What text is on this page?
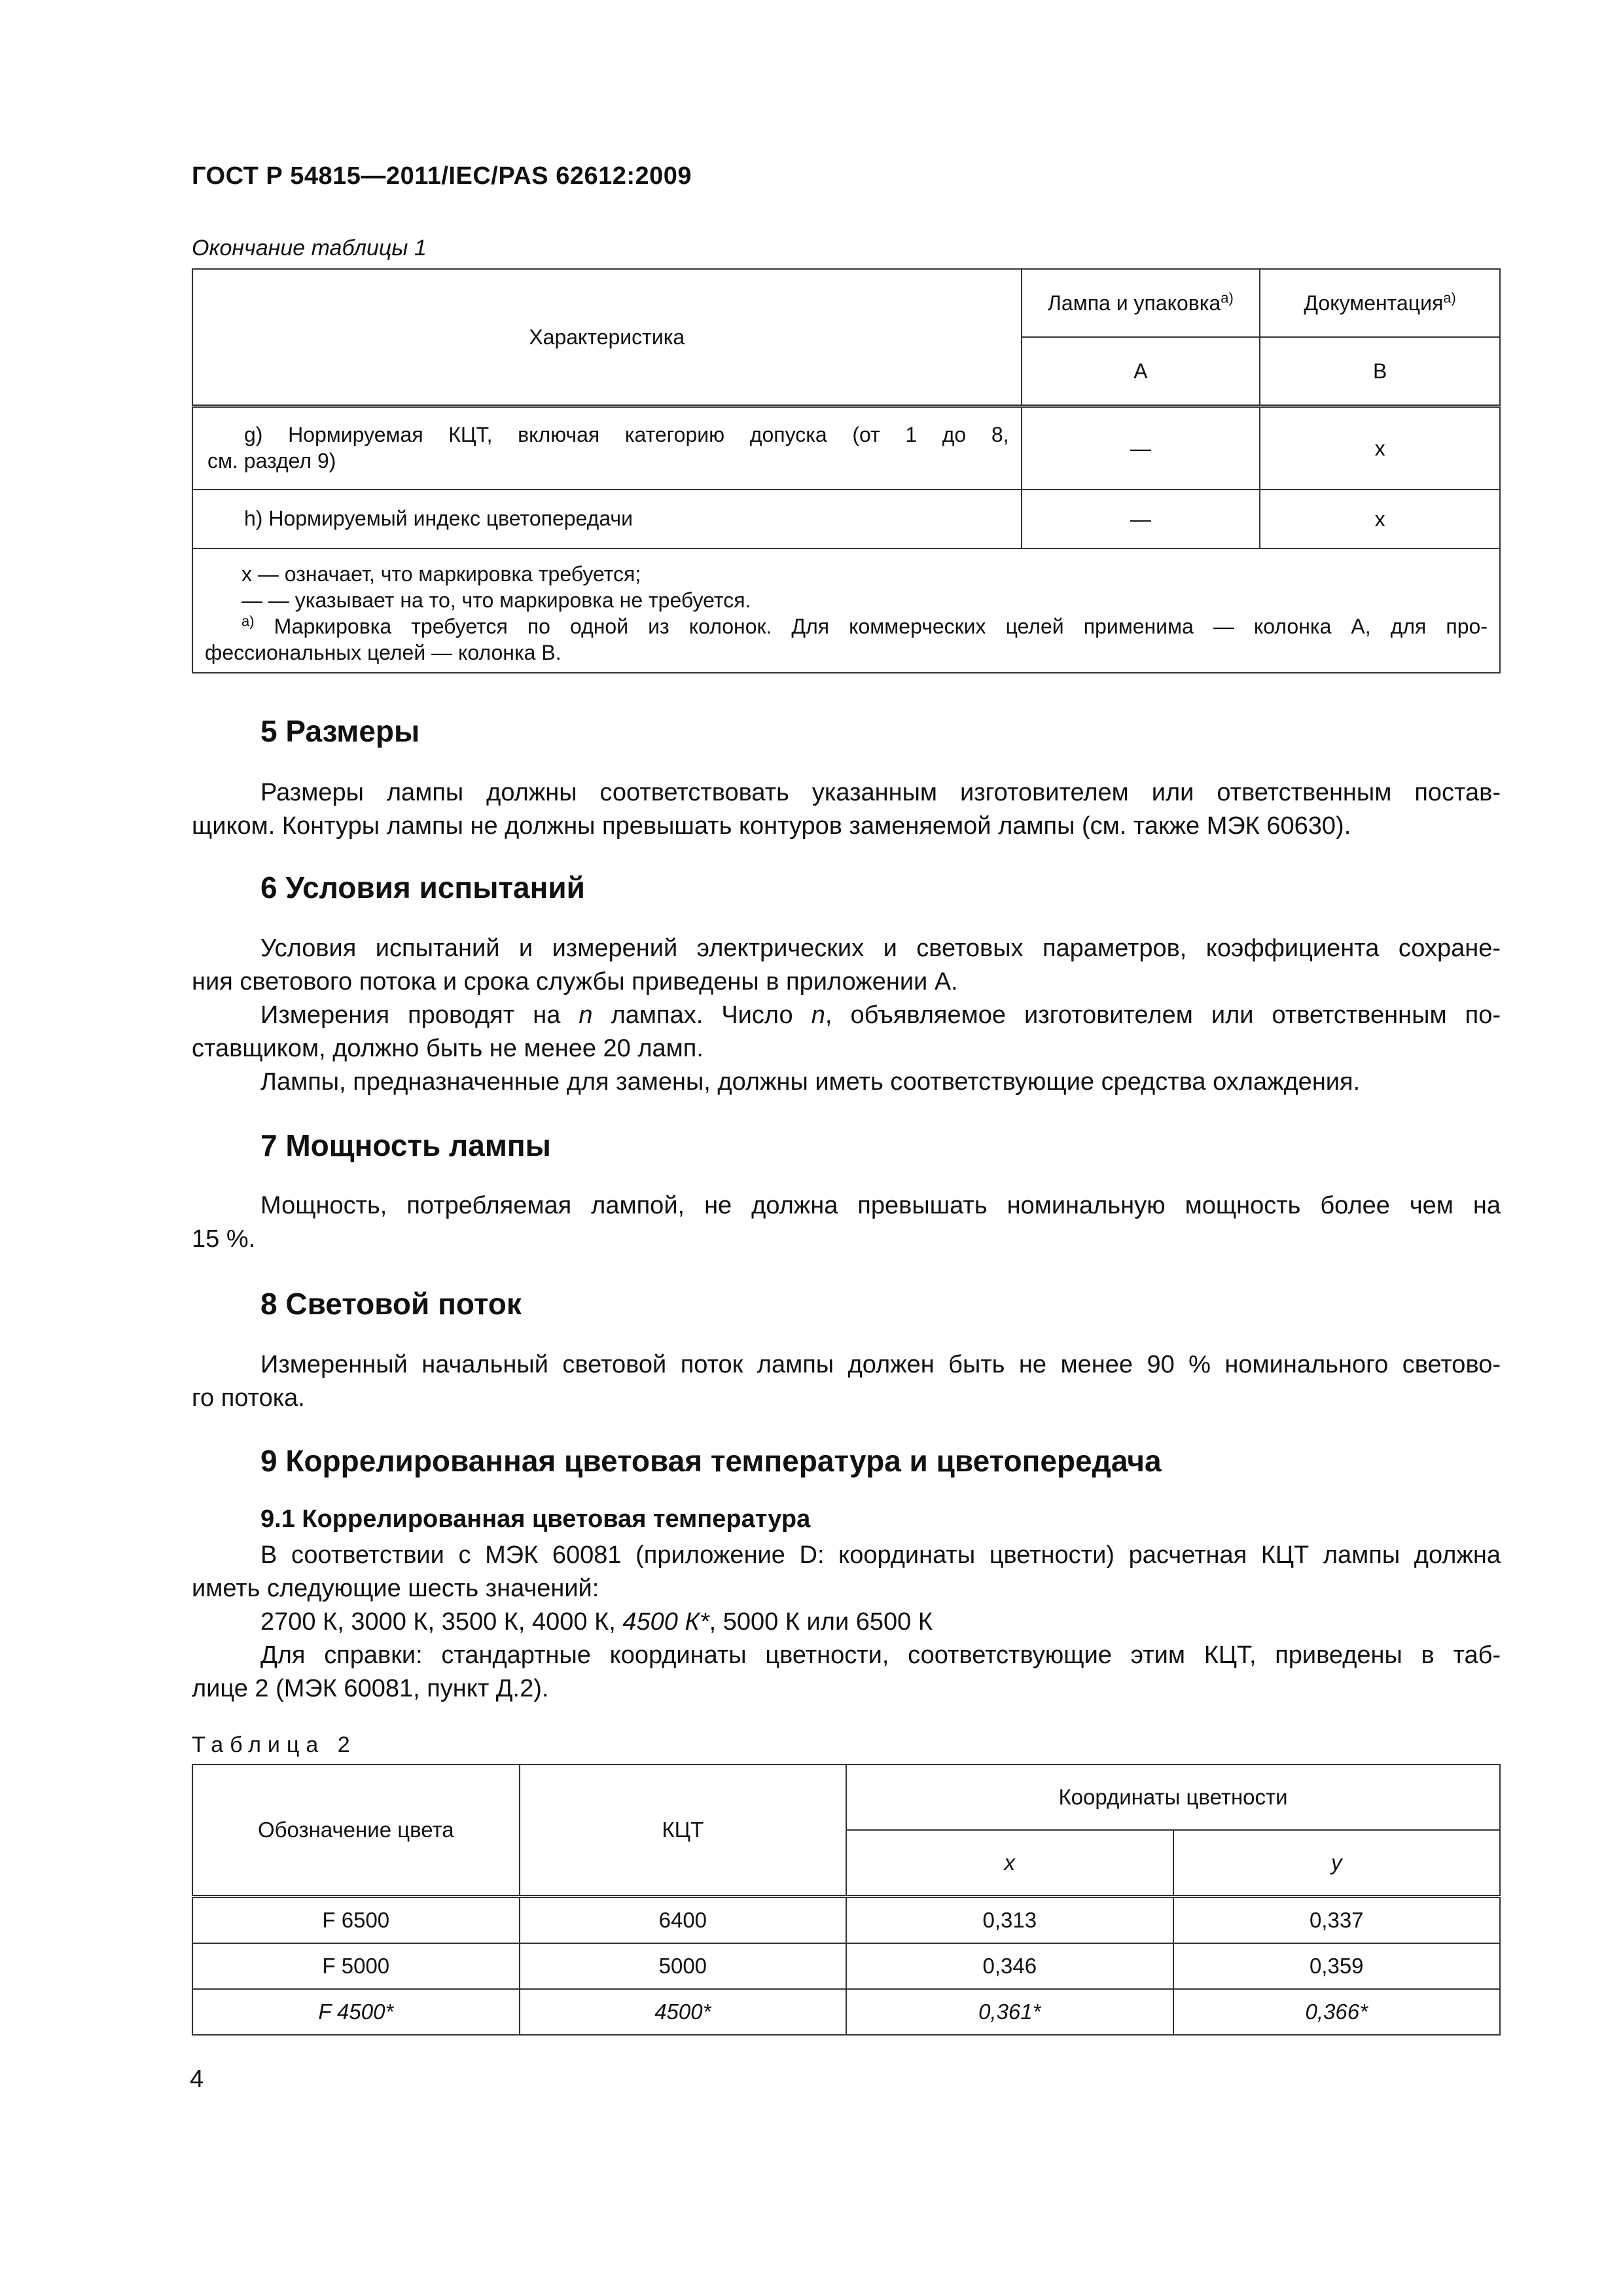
ГОСТ Р 54815—2011/IEC/PAS 62612:2009
Окончание таблицы 1
Характеристика	Лампа и упаковка$^{a)}$	Документация$^{a)}$
	A	B

g) Нормируемая КЦТ, включая категорию допуска (от 1 до 8,
см. раздел 9)	—	x
h) Нормируемый индекс цветопередачи	—	x

x — означает, что маркировка требуется;
— — указывает на то, что маркировка не требуется.
$^{a)}$ Маркировка требуется по одной из колонок. Для коммерческих целей применима — колонка А, для про-
фессиональных целей — колонка В.		
5 Размеры
Размеры лампы должны соответствовать указанным изготовителем или ответственным постав-
щиком. Контуры лампы не должны превышать контуров заменяемой лампы (см. также МЭК 60630).
6 Условия испытаний
Условия испытаний и измерений электрических и световых параметров, коэффициента сохране-
ния светового потока и срока службы приведены в приложении А.
Измерения проводят на n лампах. Число n, объявляемое изготовителем или ответственным по-
ставщиком, должно быть не менее 20 ламп.
Лампы, предназначенные для замены, должны иметь соответствующие средства охлаждения.
7 Мощность лампы
Мощность, потребляемая лампой, не должна превышать номинальную мощность более чем на
15 %.
8 Световой поток
Измеренный начальный световой поток лампы должен быть не менее 90 % номинального светово-
го потока.
9 Коррелированная цветовая температура и цветопередача
9.1 Коррелированная цветовая температура
В соответствии с МЭК 60081 (приложение D: координаты цветности) расчетная КЦТ лампы должна
иметь следующие шесть значений:
2700 К, 3000 К, 3500 К, 4000 К, 4500 К*, 5000 К или 6500 К
Для справки: стандартные координаты цветности, соответствующие этим КЦТ, приведены в таб-
лице 2 (МЭК 60081, пункт Д.2).
Таблица 2
Обозначение цвета	КЦТ	Координаты цветности	
		x	y
F 6500	6400	0,313	0,337
F 5000	5000	0,346	0,359
F 4500*	4500*	0,361*	0,366*
4
